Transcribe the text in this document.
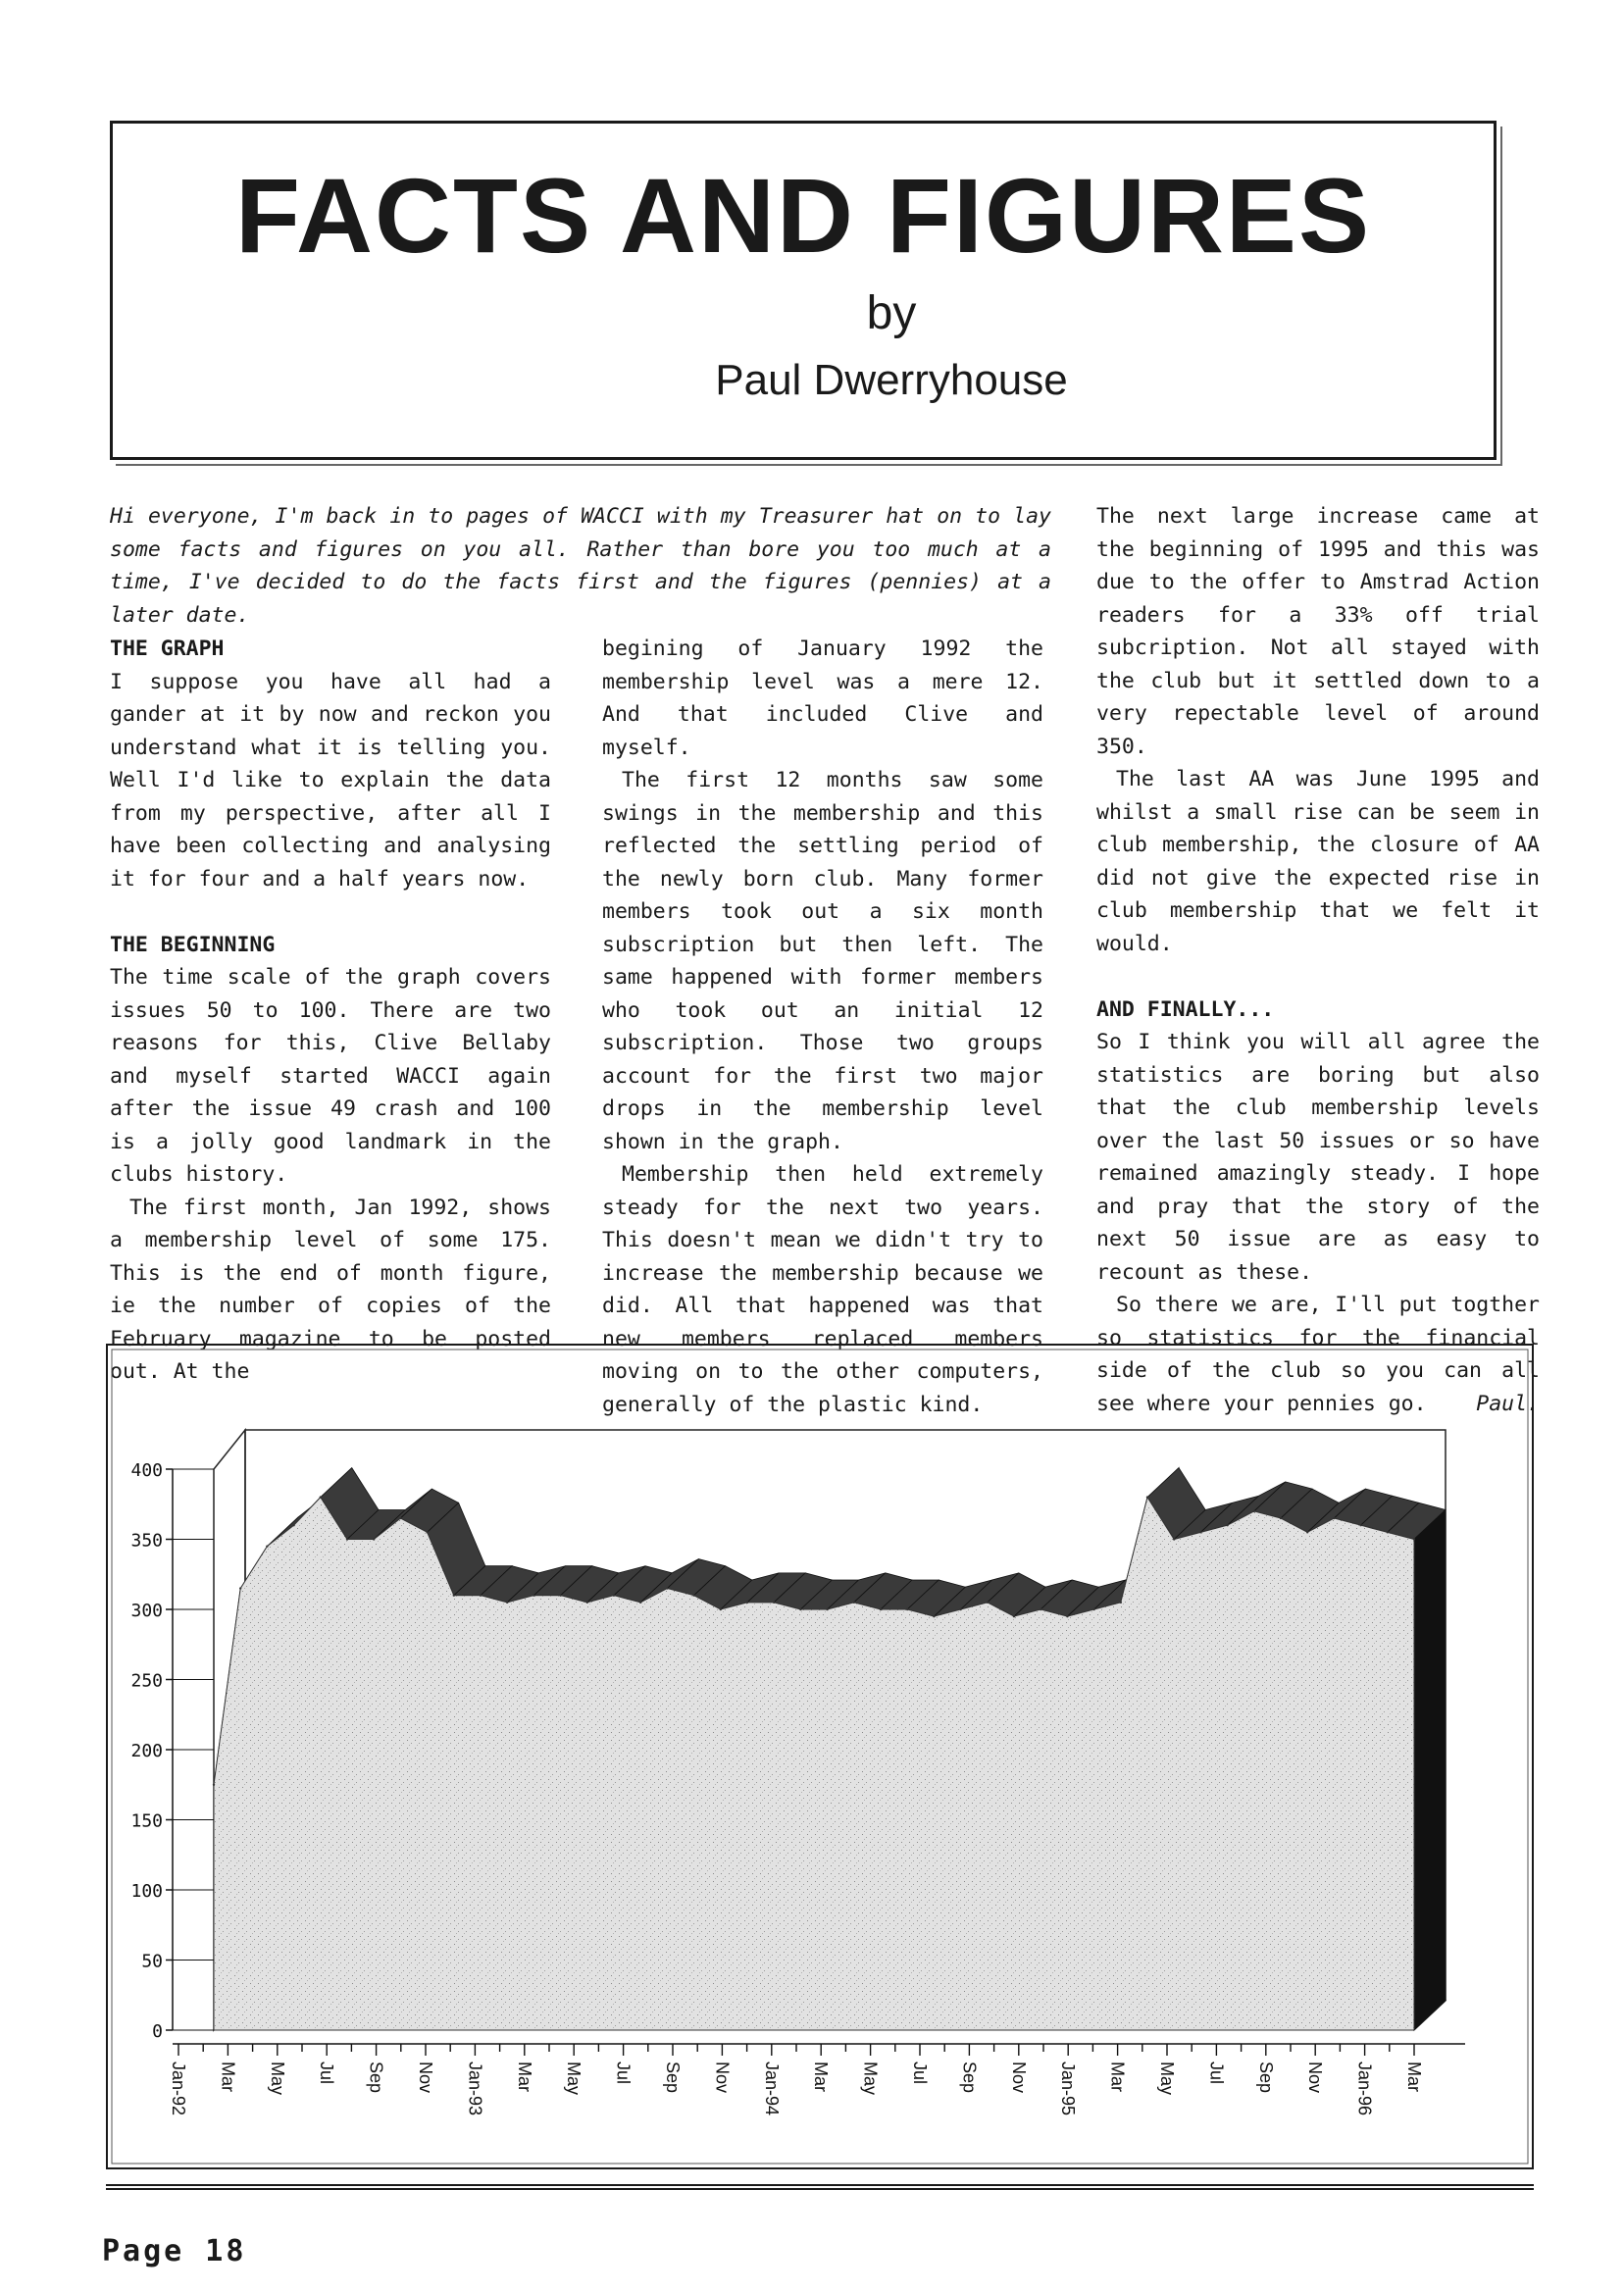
FACTS AND FIGURES
by
Paul Dwerryhouse

Hi everyone, I'm back in to pages of WACCI with my Treasurer hat on to lay some facts and figures on you all. Rather than bore you too much at a time, I've decided to do the facts first and the figures (pennies) at a later date.

THE GRAPH

I suppose you have all had a gander at it by now and reckon you understand what it is telling you. Well I'd like to explain the data from my perspective, after all I have been collecting and analysing it for four and a half years now.

THE BEGINNING

The time scale of the graph covers issues 50 to 100. There are two reasons for this, Clive Bellaby and myself started WACCI again after the issue 49 crash and 100 is a jolly good landmark in the clubs history.

The first month, Jan 1992, shows a membership level of some 175. This is the end of month figure, ie the number of copies of the February magazine to be posted out. At the

begining of January 1992 the membership level was a mere 12. And that included Clive and myself.

The first 12 months saw some swings in the membership and this reflected the settling period of the newly born club. Many former members took out a six month subscription but then left. The same happened with former members who took out an initial 12 subscription. Those two groups account for the first two major drops in the membership level shown in the graph.

Membership then held extremely steady for the next two years. This doesn't mean we didn't try to increase the membership because we did. All that happened was that new members replaced members moving on to the other computers, generally of the plastic kind.

The next large increase came at the beginning of 1995 and this was due to the offer to Amstrad Action readers for a 33% off trial subcription. Not all stayed with the club but it settled down to a very repectable level of around 350.

The last AA was June 1995 and whilst a small rise can be seem in club membership, the closure of AA did not give the expected rise in club membership that we felt it would.

AND FINALLY...

So I think you will all agree the statistics are boring but also that the club membership levels over the last 50 issues or so have remained amazingly steady. I hope and pray that the story of the next 50 issue are as easy to recount as these.

So there we are, I'll put togther so statistics for the financial side of the club so you can all see where your pennies go.	Paul.

0
50
100
150
200
250
300
350
400
Jan-92 Mar May Jul Sep Nov Jan-93 Mar May Jul Sep Nov Jan-94 Mar May Jul Sep Nov Jan-95 Mar May Jul Sep Nov Jan-96 Mar
Page 18
